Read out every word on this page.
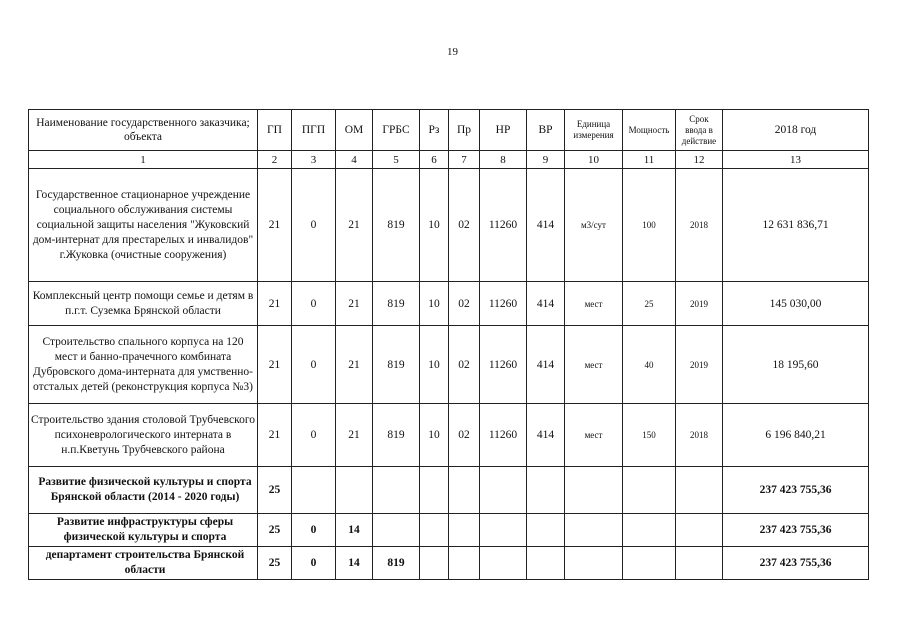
19
Наименование государственного заказчика; объекта	ГП	ПГП	ОМ	ГРБС	Рз	Пр	НР	ВР	Единица измерения	Мощность	Срок ввода в действие	2018 год
1	2	3	4	5	6	7	8	9	10	11	12	13
Государственное стационарное учреждение социального обслуживания системы социальной защиты населения "Жуковский дом-интернат для престарелых и инвалидов" г.Жуковка (очистные сооружения)	21	0	21	819	10	02	11260	414	м3/сут	100	2018	12 631 836,71
Комплексный центр помощи семье и детям в п.г.т. Суземка Брянской области	21	0	21	819	10	02	11260	414	мест	25	2019	145 030,00
Строительство спального корпуса на 120 мест и банно-прачечного комбината Дубровского дома-интерната для умственно-отсталых детей (реконструкция корпуса №3)	21	0	21	819	10	02	11260	414	мест	40	2019	18 195,60
Строительство здания столовой Трубчевского психоневрологического интерната в н.п.Кветунь Трубчевского района	21	0	21	819	10	02	11260	414	мест	150	2018	6 196 840,21
Развитие физической культуры и спорта Брянской области (2014 - 2020 годы)	25											237 423 755,36
Развитие инфраструктуры сферы физической культуры и спорта	25	0	14									237 423 755,36
департамент строительства Брянской области	25	0	14	819								237 423 755,36
